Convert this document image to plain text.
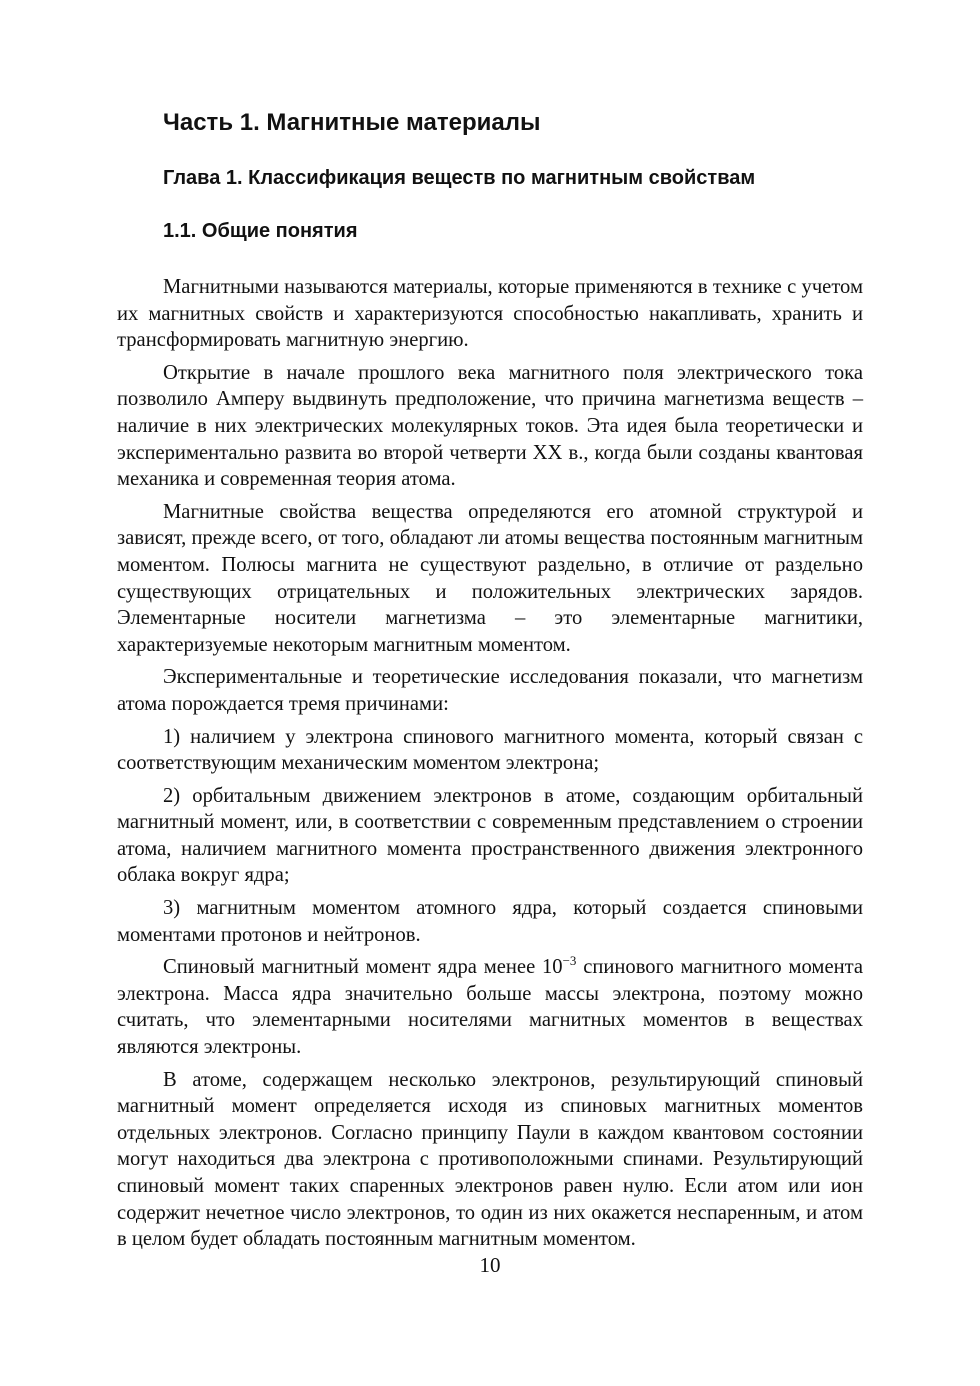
Часть 1. Магнитные материалы
Глава 1. Классификация веществ по магнитным свойствам
1.1. Общие понятия

Магнитными называются материалы, которые применяются в технике с учетом их магнитных свойств и характеризуются способностью накапливать, хранить и трансформировать магнитную энергию.

Открытие в начале прошлого века магнитного поля электрического тока позволило Амперу выдвинуть предположение, что причина магнетизма веществ – наличие в них электрических молекулярных токов. Эта идея была теоретически и экспериментально развита во второй четверти XX в., когда были созданы квантовая механика и современная теория атома.

Магнитные свойства вещества определяются его атомной структурой и зависят, прежде всего, от того, обладают ли атомы вещества постоянным магнитным моментом. Полюсы магнита не существуют раздельно, в отличие от раздельно существующих отрицательных и положительных электрических зарядов. Элементарные носители магнетизма – это элементарные магнитики, характеризуемые некоторым магнитным моментом.

Экспериментальные и теоретические исследования показали, что магнетизм атома порождается тремя причинами:

1) наличием у электрона спинового магнитного момента, который связан с соответствующим механическим моментом электрона;

2) орбитальным движением электронов в атоме, создающим орбитальный магнитный момент, или, в соответствии с современным представлением о строении атома, наличием магнитного момента пространственного движения электронного облака вокруг ядра;

3) магнитным моментом атомного ядра, который создается спиновыми моментами протонов и нейтронов.

Спиновый магнитный момент ядра менее $10^{-3}$ спинового магнитного момента электрона. Масса ядра значительно больше массы электрона, поэтому можно считать, что элементарными носителями магнитных моментов в веществах являются электроны.

В атоме, содержащем несколько электронов, результирующий спиновый магнитный момент определяется исходя из спиновых магнитных моментов отдельных электронов. Согласно принципу Паули в каждом квантовом состоянии могут находиться два электрона с противоположными спинами. Результирующий спиновый момент таких спаренных электронов равен нулю. Если атом или ион содержит нечетное число электронов, то один из них окажется неспаренным, и атом в целом будет обладать постоянным магнитным моментом.

10
